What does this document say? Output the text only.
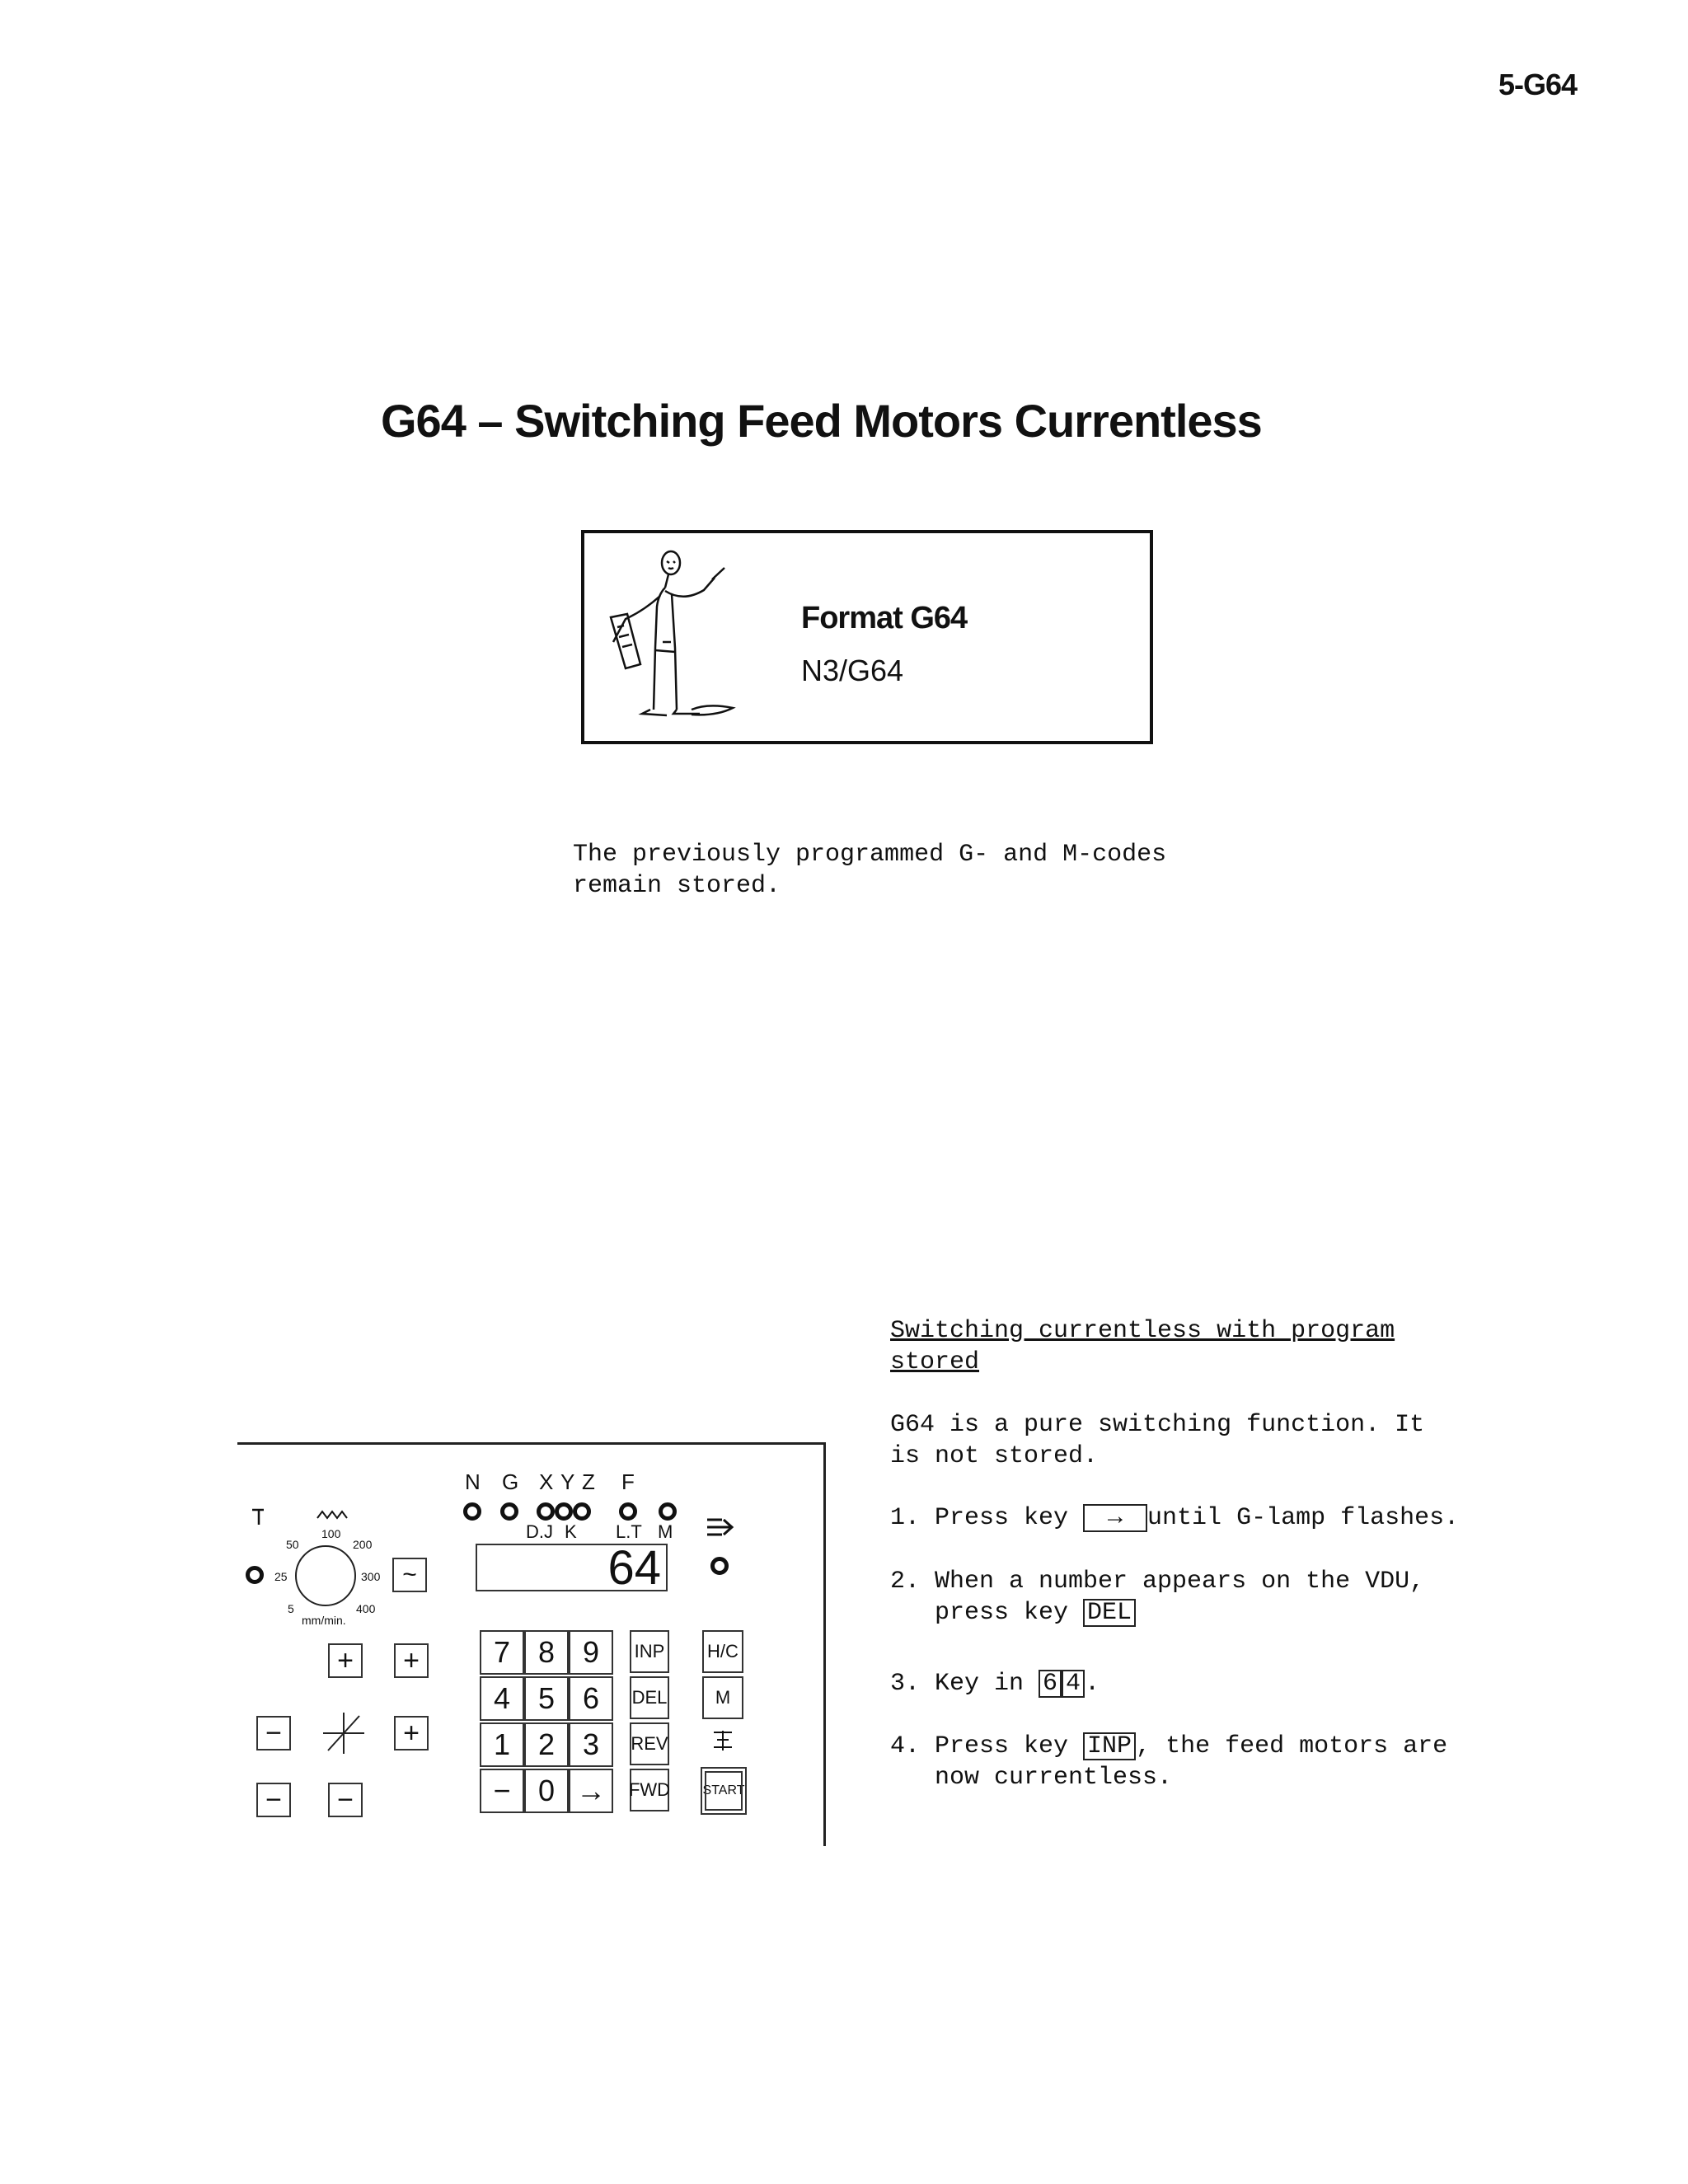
5-G64
G64 – Switching Feed Motors Currentless
Format G64
N3/G64
The previously programmed G- and M-codes
remain stored.
Switching currentless with program
stored
G64 is a pure switching function. It
is not stored.
1. Press key → until G-lamp flashes.
2. When a number appears on the VDU,
press key DEL
3. Key in 6 4 .
4. Press key INP , the feed motors are
now currentless.
N G X Y Z F
D.J K L.T M
64
50
100
200
25	300
5	400
mm/min.
~
+	+
−	+
−	−
7 8 9
4 5 6
1 2 3
− 0 →
INP
DEL
REV
FWD
H/C
M
START
